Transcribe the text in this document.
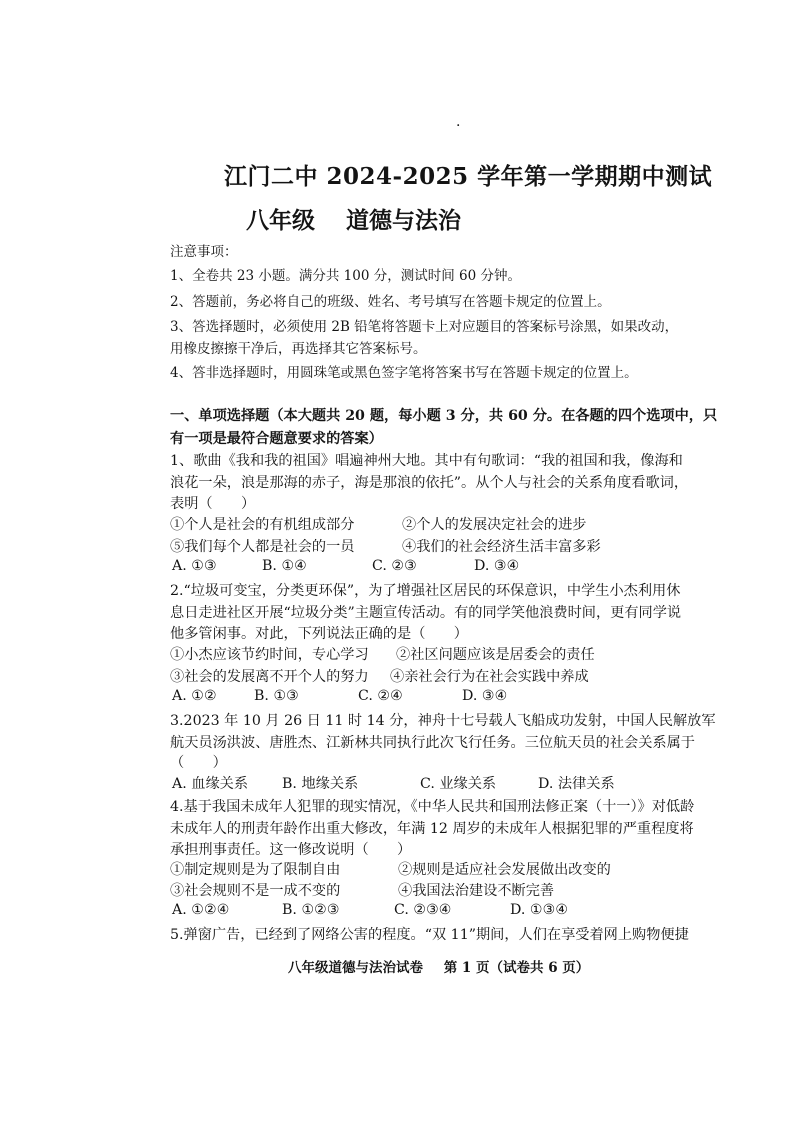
·
江门二中 2024-2025 学年第一学期期中测试
八年级 道德与法治
注意事项：
1、全卷共 23 小题。满分共 100 分，测试时间 60 分钟。
2、答题前，务必将自己的班级、姓名、考号填写在答题卡规定的位置上。
3、答选择题时，必须使用 2B 铅笔将答题卡上对应题目的答案标号涂黑，如果改动，
用橡皮擦擦干净后，再选择其它答案标号。
4、答非选择题时，用圆珠笔或黑色签字笔将答案书写在答题卡规定的位置上。
一、单项选择题（本大题共 20 题，每小题 3 分，共 60 分。在各题的四个选项中，只
有一项是最符合题意要求的答案）
1、歌曲《我和我的祖国》唱遍神州大地。其中有句歌词：“我的祖国和我，像海和
浪花一朵，浪是那海的赤子，海是那浪的依托”。从个人与社会的关系角度看歌词，
表明（　　）
①个人是社会的有机组成部分	②个人的发展决定社会的进步
⑤我们每个人都是社会的一员	④我们的社会经济生活丰富多彩
A. ①③	B. ①④	C. ②③	D. ③④
2.“垃圾可变宝，分类更环保”，为了增强社区居民的环保意识，中学生小杰利用休
息日走进社区开展“垃圾分类”主题宣传活动。有的同学笑他浪费时间，更有同学说
他多管闲事。对此，下列说法正确的是（　　）
①小杰应该节约时间，专心学习 ②社区问题应该是居委会的责任
③社会的发展离不开个人的努力 ④亲社会行为在社会实践中养成
A. ①②	B. ①③	C. ②④	D. ③④
3.2023 年 10 月 26 日 11 时 14 分，神舟十七号载人飞船成功发射，中国人民解放军
航天员汤洪波、唐胜杰、江新林共同执行此次飞行任务。三位航天员的社会关系属于
（　　）
A. 血缘关系 B. 地缘关系	C. 业缘关系	D. 法律关系
4.基于我国未成年人犯罪的现实情况，《中华人民共和国刑法修正案（十一）》对低龄
未成年人的刑责年龄作出重大修改，年满 12 周岁的未成年人根据犯罪的严重程度将
承担刑事责任。这一修改说明（　　）
①制定规则是为了限制自由	②规则是适应社会发展做出改变的
③社会规则不是一成不变的	④我国法治建设不断完善
A. ①②④	B. ①②③	C. ②③④	D. ①③④
5.弹窗广告，已经到了网络公害的程度。“双 11”期间，人们在享受着网上购物便捷
八年级道德与法治试卷 第 1 页（试卷共 6 页）
